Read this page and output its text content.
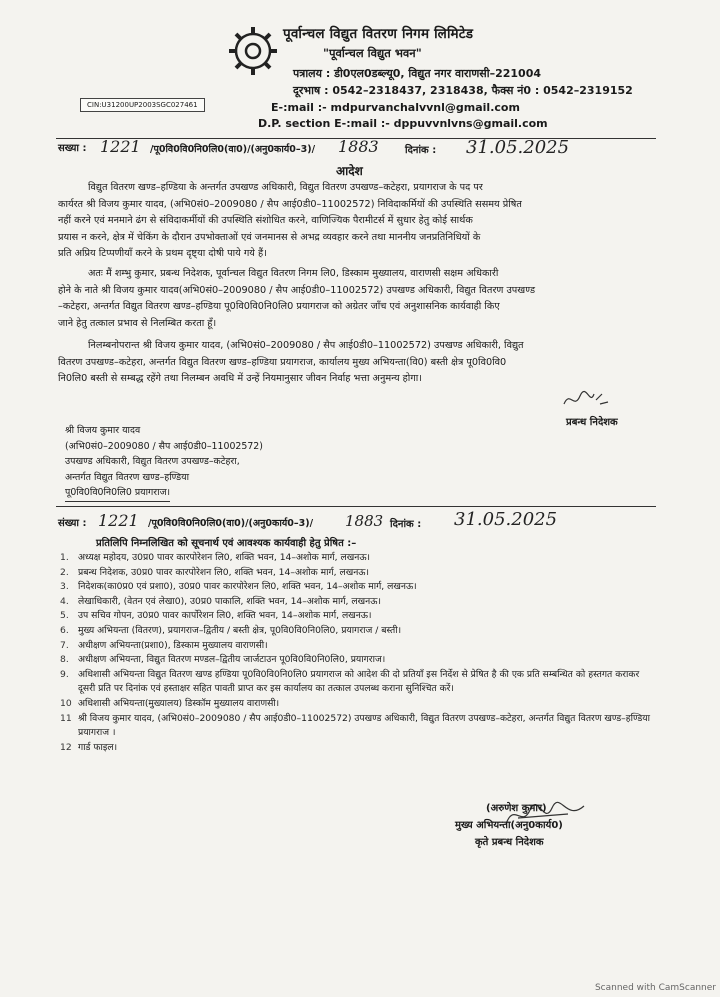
पूर्वान्चल विद्युत वितरण निगम लिमिटेड
"पूर्वान्चल विद्युत भवन"
पत्रालय : डी0एल0डब्ल्यू0, विद्युत नगर वाराणसी–221004
दूरभाष : 0542–2318437, 2318438, फैक्स नं0 : 0542–2319152
E-:mail :- mdpurvanchalvvnl@gmail.com
D.P. section E-:mail :- dppuvvnlvns@gmail.com
CIN:U31200UP2003SGC027461
सख्या : 1221 /पू0वि0वि0नि0लि0(वा0)/(अनु0कार्य0–3)/ 1883	दिनांक : 31.05.2025
आदेश
विद्युत वितरण खण्ड–हण्डिया के अन्तर्गत उपखण्ड अधिकारी, विद्युत वितरण उपखण्ड–कटेहरा, प्रयागराज के पद पर
कार्यरत श्री विजय कुमार यादव, (अभि0सं0–2009080 / सैप आई0डी0–11002572) निविदाकर्मियों की उपस्थिति ससमय प्रेषित
नहीं करने एवं मनमाने ढंग से संविदाकर्मीयों की उपस्थिति संशोधित करने, वाणिज्यिक पैरामीटर्स में सुधार हेतु कोई सार्थक
प्रयास न करने, क्षेत्र में चेकिंग के दौरान उपभोक्ताओं एवं जनमानस से अभद्र व्यवहार करने तथा माननीय जनप्रतिनिधियों के
प्रति अप्रिय टिप्पणीयाँ करने के प्रथम दृष्ट्या दोषी पाये गये हैं।
अतः मैं शम्भु कुमार, प्रबन्ध निदेशक, पूर्वान्चल विद्युत वितरण निगम लि0, डिस्काम मुख्यालय, वाराणसी सक्षम अधिकारी
होने के नाते श्री विजय कुमार यादव(अभि0सं0–2009080 / सैप आई0डी0–11002572) उपखण्ड अधिकारी, विद्युत वितरण उपखण्ड
–कटेहरा, अन्तर्गत विद्युत वितरण खण्ड–हण्डिया पू0वि0वि0नि0लि0 प्रयागराज को अग्रेतर जाँच एवं अनुशासनिक कार्यवाही किए
जाने हेतु तत्काल प्रभाव से निलम्बित करता हूँ।
निलम्बनोपरान्त श्री विजय कुमार यादव, (अभि0सं0–2009080 / सैप आई0डी0–11002572) उपखण्ड अधिकारी, विद्युत
वितरण उपखण्ड–कटेहरा, अन्तर्गत विद्युत वितरण खण्ड–हण्डिया प्रयागराज, कार्यालय मुख्य अभियन्ता(वि0) बस्ती क्षेत्र पू0वि0वि0
नि0लि0 बस्ती से सम्बद्ध रहेंगे तथा निलम्बन अवधि में उन्हें नियमानुसार जीवन निर्वाह भत्ता अनुमन्य होगा।
प्रबन्ध निदेशक
श्री विजय कुमार यादव
(अभि0सं0–2009080 / सैप आई0डी0–11002572)
उपखण्ड अधिकारी, विद्युत वितरण उपखण्ड–कटेहरा,
अन्तर्गत विद्युत वितरण खण्ड–हण्डिया
पू0वि0वि0नि0लि0 प्रयागराज।
संख्या : 1221 /पू0वि0वि0नि0लि0(वा0)/(अनु0कार्य0–3)/ 1883 दिनांक : 31.05.2025
प्रतिलिपि निम्नलिखित को सूचनार्थ एवं आवश्यक कार्यवाही हेतु प्रेषित :–
1.	अध्यक्ष महोदय, उ0प्र0 पावर कारपोरेशन लि0, शक्ति भवन, 14–अशोक मार्ग, लखनऊ।
2.	प्रबन्ध निदेशक, उ0प्र0 पावर कारपोरेशन लि0, शक्ति भवन, 14–अशोक मार्ग, लखनऊ।
3.	निदेशक(का0प्र0 एवं प्रशा0), उ0प्र0 पावर कारपोरेशन लि0, शक्ति भवन, 14–अशोक मार्ग, लखनऊ।
4.	लेखाधिकारी, (वेतन एवं लेखा0), उ0प्र0 पाकालि, शक्ति भवन, 14–अशोक मार्ग, लखनऊ।
5.	उप सचिव गोपन, उ0प्र0 पावर कार्पोरेशन लि0, शक्ति भवन, 14–अशोक मार्ग, लखनऊ।
6.	मुख्य अभियन्ता (वितरण), प्रयागराज–द्वितीय / बस्ती क्षेत्र, पू0वि0वि0नि0लि0, प्रयागराज / बस्ती।
7.	अधीक्षण अभियन्ता(प्रशा0), डिस्काम मुख्यालय वाराणसी।
8.	अधीक्षण अभियन्ता, विद्युत वितरण मण्डल–द्वितीय जार्जटाउन पू0वि0वि0नि0लि0, प्रयागराज।
9.	अधिशासी अभियन्ता विद्युत वितरण खण्ड हण्डिया पू0वि0वि0नि0लि0 प्रयागराज को आदेश की दो प्रतियाँ इस निर्देश से प्रेषित है की एक प्रति सम्बन्धित को हस्तगत कराकर दूसरी प्रति पर दिनांक एवं हस्ताक्षर सहित पावती प्राप्त कर इस कार्यालय का तत्काल उपलब्ध कराना सुनिश्चित करें।
10 अधिशासी अभियन्ता(मुख्यालय) डिस्कॉम मुख्यालय वाराणसी।
11 श्री विजय कुमार यादव, (अभि0सं0–2009080 / सैप आई0डी0–11002572) उपखण्ड अधिकारी, विद्युत वितरण उपखण्ड–कटेहरा, अन्तर्गत विद्युत वितरण खण्ड–हण्डिया प्रयागराज ।
12 गार्ड फाइल।
(अरुणेश कुमार)
मुख्य अभियन्ता(अनु0कार्य0)
कृते प्रबन्ध निदेशक
Scanned with CamScanner
